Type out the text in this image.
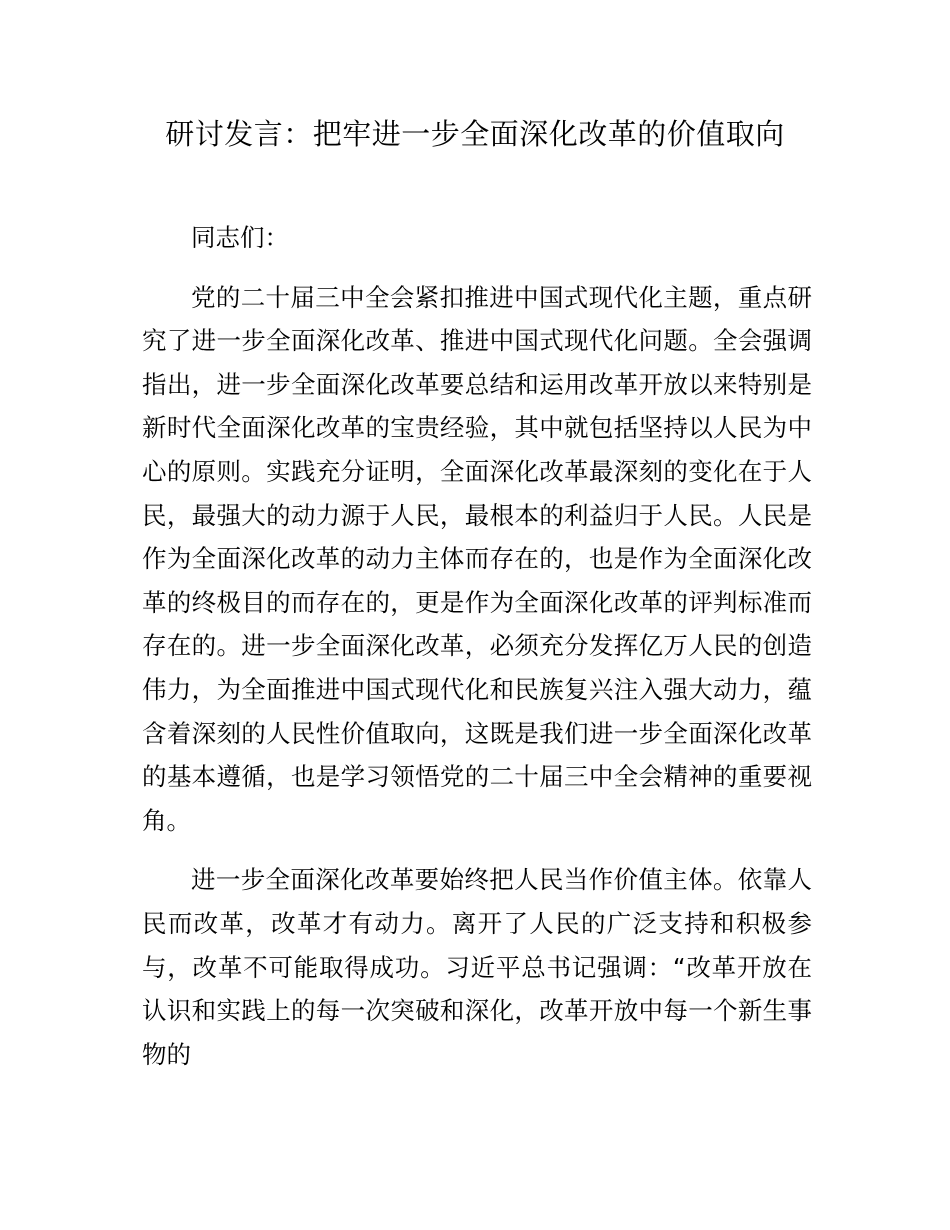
研讨发言：把牢进一步全面深化改革的价值取向

同志们：

党的二十届三中全会紧扣推进中国式现代化主题，重点研究了进一步全面深化改革、推进中国式现代化问题。全会强调指出，进一步全面深化改革要总结和运用改革开放以来特别是新时代全面深化改革的宝贵经验，其中就包括坚持以人民为中心的原则。实践充分证明，全面深化改革最深刻的变化在于人民，最强大的动力源于人民，最根本的利益归于人民。人民是作为全面深化改革的动力主体而存在的，也是作为全面深化改革的终极目的而存在的，更是作为全面深化改革的评判标准而存在的。进一步全面深化改革，必须充分发挥亿万人民的创造伟力，为全面推进中国式现代化和民族复兴注入强大动力，蕴含着深刻的人民性价值取向，这既是我们进一步全面深化改革的基本遵循，也是学习领悟党的二十届三中全会精神的重要视角。

进一步全面深化改革要始终把人民当作价值主体。依靠人民而改革，改革才有动力。离开了人民的广泛支持和积极参与，改革不可能取得成功。习近平总书记强调：“改革开放在认识和实践上的每一次突破和深化，改革开放中每一个新生事物的
